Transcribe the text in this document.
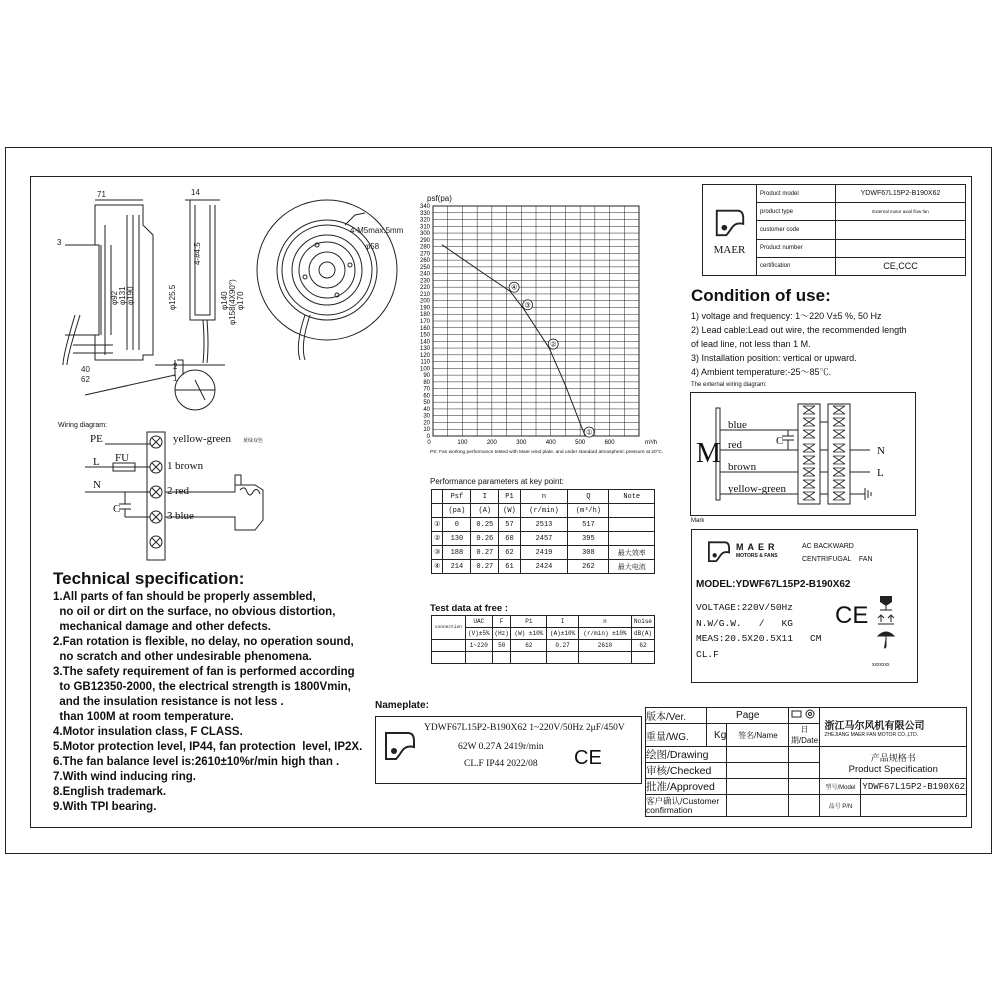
71	14
3
40
62
2
1
4-M5max.5mm
φ58
φ92 φ131 φ190	φ125.5
4-#4.5
φ140 φ158(4X90°) φ170
Wiring diagram:
PE
L FU
N
C
yellow-green 黄绿双色
1 brown
2 red
3 blue
Technical specification:

1.All parts of fan should be properly assembled,

no oil or dirt on the surface, no obvious distortion,

mechanical damage and other defects.

2.Fan rotation is flexible, no delay, no operation sound,

no scratch and other undesirable phenomena.

3.The safety requirement of fan is performed according

to GB12350-2000, the electrical strength is 1800Vmin,

and the insulation resistance is not less .

than 100M at room temperature.

4.Motor insulation class, F CLASS.

5.Motor protection level, IP44, fan protection  level, IP2X.

6.The fan balance level is:2610±10%r/min high than .

7.With wind inducing ring.

8.English trademark.

9.With TPI bearing.

Nameplate:
YDWF67L15P2-B190X62 1~220V/50Hz 2μF/450V
62W 0.27A 2419r/min
CL.F IP44 2022/08 CE
psf(pa)
0
10
20
30
40
50
60
70
80
90
100
110
120
130
140
150
160
170
180
190
200
210
220
230
240
250
260
270
280
290
300
310
320
330
340
0	100	200	300	400	500	600	m³/h
①
②
③
④
PS: Fan working performance tested with Maer wind plate, and under standard atmospheric pressure at 20°C.
Performance parameters at key point:
	Psf	I	P1	n	Q	Note
	(pa)	(A)	(W)	(r/min)	(m³/h)	
①	0	0.25	57	2513	517	
②	130	0.26	60	2457	395	
③	188	0.27	62	2419	308	最大效率
④	214	0.27	61	2424	262	最大电流
Test data at free :
connection	UAC	F	P1	I	n	Noise
	(V)±5%	(Hz)	(W) ±10%	(A)±10%	(r/min) ±10%	dB(A)
	1~220	50	62	0.27	2610	62

MAER	Product model	YDWF67L15P2-B190X62
	product type	External motor axial flow fan
	customer code	
	Product number	
	certification	CE,CCC
Condition of use:

1) voltage and frequency: 1～220 V±5 %, 50 Hz

2) Lead cable:Lead out wire, the recommended length

of lead line, not less than 1 M.

3) Installation position: vertical or upward.

4) Ambient temperature:-25～85℃.

The external wiring diagram:
M
blue
red	C
brown
yellow-green
N
L
Mark
MAER
MOTORS & FANS
AC BACKWARD
CENTRIFUGAL    FAN
MODEL:YDWF67L15P2-B190X62
VOLTAGE:220V/50Hz
N.W/G.W.   /   KG
MEAS:20.5X20.5X11   CM
CL.F
CE
xxxxxxx
版本/Ver.	Page			浙江马尔风机有限公司
ZHEJIANG MAER FAN MOTOR CO.,LTD.	

重量/WG.	Kg	签名/Name	日期/Date		
绘图/Drawing				产品规格书
Product Specification	

审核/Checked					
批准/Approved				型号/Model	YDWF67L15P2-B190X62

客户确认/Customer
confirmation				品号 P/N	
